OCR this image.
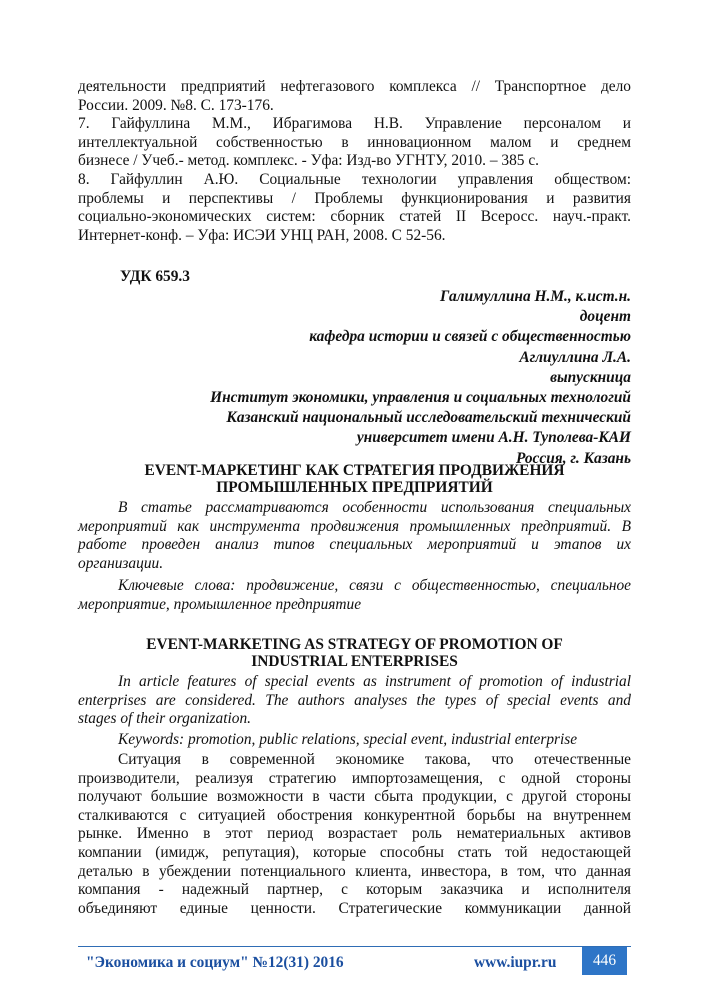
деятельности предприятий нефтегазового комплекса // Транспортное дело
России. 2009. №8. С. 173-176.
7. Гайфуллина М.М., Ибрагимова Н.В. Управление персоналом и
интеллектуальной собственностью в инновационном малом и среднем
бизнесе / Учеб.- метод. комплекс. - Уфа: Изд-во УГНТУ, 2010. – 385 с.
8. Гайфуллин А.Ю. Социальные технологии управления обществом:
проблемы и перспективы / Проблемы функционирования и развития
социально-экономических систем: сборник статей II Всеросс. науч.-практ.
Интернет-конф. – Уфа: ИСЭИ УНЦ РАН, 2008. С 52-56.
УДК 659.3
Галимуллина Н.М., к.ист.н.
доцент
кафедра истории и связей с общественностью
Аглиуллина Л.А.
выпускница
Институт экономики, управления и социальных технологий
Казанский национальный исследовательский технический
университет имени А.Н. Туполева-КАИ
Россия, г. Казань
EVENT-МАРКЕТИНГ КАК СТРАТЕГИЯ ПРОДВИЖЕНИЯ
ПРОМЫШЛЕННЫХ ПРЕДПРИЯТИЙ
В статье рассматриваются особенности использования специальных
мероприятий как инструмента продвижения промышленных предприятий. В
работе проведен анализ типов специальных мероприятий и этапов их
организации.
Ключевые слова: продвижение, связи с общественностью, специальное
мероприятие, промышленное предприятие
EVENT-MARKETING AS STRATEGY OF PROMOTION OF
INDUSTRIAL ENTERPRISES
In article features of special events as instrument of promotion of industrial
enterprises are considered. The authors analyses the types of special events and
stages of their organization.
Keywords: promotion, public relations, special event, industrial enterprise
Ситуация в современной экономике такова, что отечественные
производители, реализуя стратегию импортозамещения, с одной стороны
получают большие возможности в части сбыта продукции, с другой стороны
сталкиваются с ситуацией обострения конкурентной борьбы на внутреннем
рынке. Именно в этот период возрастает роль нематериальных активов
компании (имидж, репутация), которые способны стать той недостающей
деталью в убеждении потенциального клиента, инвестора, в том, что данная
компания - надежный партнер, с которым заказчика и исполнителя
объединяют единые ценности. Стратегические коммуникации данной
"Экономика и социум" №12(31) 2016	www.iupr.ru	446
